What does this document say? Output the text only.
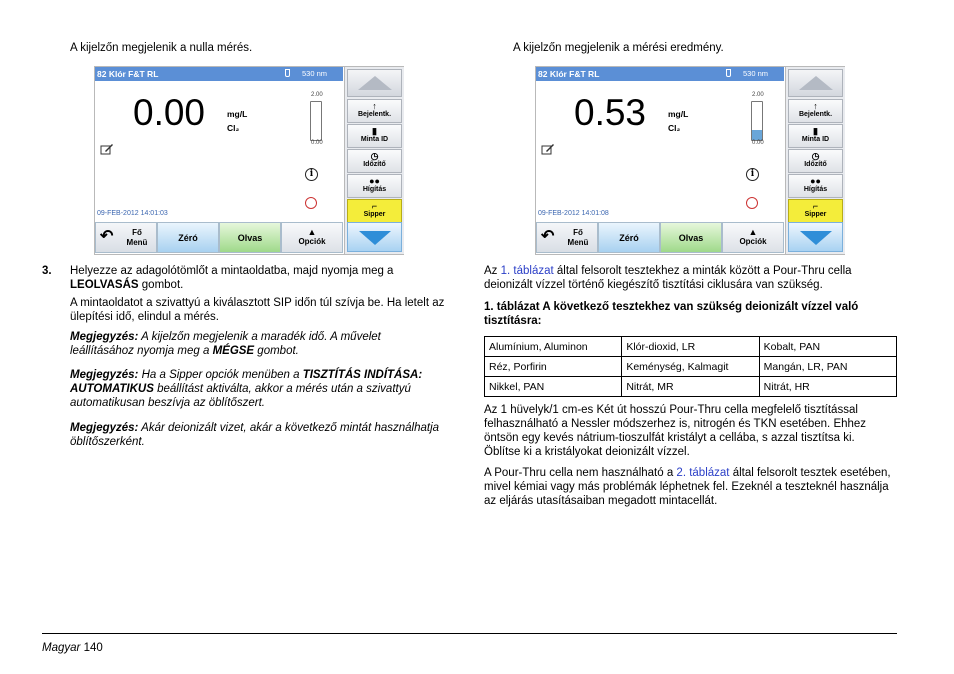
A kijelzőn megjelenik a nulla mérés.
82 Klór F&T RL	530 nm
0.00	mg/L
Cl₂
2.00
0.00
i
09-FEB-2012 14:01:03
↑
Bejelentk.
▮
Minta ID
◷
Időzítő
●●
Hígítás
⌐
Sipper
↶	Fő
Menü	Zéró	Olvas
▲
Opciók
3. Helyezze az adagolótömlőt a mintaoldatba, majd nyomja meg a LEOLVASÁS gombot.
A mintaoldatot a szivattyú a kiválasztott SIP időn túl szívja be. Ha letelt az ülepítési idő, elindul a mérés.
Megjegyzés: A kijelzőn megjelenik a maradék idő. A művelet leállításához nyomja meg a MÉGSE gombot.
Megjegyzés: Ha a Sipper opciók menüben a TISZTÍTÁS INDÍTÁSA: AUTOMATIKUS beállítást aktiválta, akkor a mérés után a szivattyú automatikusan beszívja az öblítőszert.
Megjegyzés: Akár deionizált vizet, akár a következő mintát használhatja öblítőszerként.
A kijelzőn megjelenik a mérési eredmény.
82 Klór F&T RL	530 nm
0.53	mg/L
Cl₂
2.00
0.00
i
09-FEB-2012 14:01:08
↑
Bejelentk.
▮
Minta ID
◷
Időzítő
●●
Hígítás
⌐
Sipper
↶	Fő
Menü	Zéró	Olvas
▲
Opciók
Az 1. táblázat által felsorolt tesztekhez a minták között a Pour-Thru cella deionizált vízzel történő kiegészítő tisztítási ciklusára van szükség.
1. táblázat A következő tesztekhez van szükség deionizált vízzel való tisztításra:
Alumínium, Aluminon	Klór-dioxid, LR	Kobalt, PAN
Réz, Porfirin	Keménység, Kalmagit	Mangán, LR, PAN
Nikkel, PAN	Nitrát, MR	Nitrát, HR
Az 1 hüvelyk/1 cm-es Két út hosszú Pour-Thru cella megfelelő tisztítással felhasználható a Nessler módszerhez is, nitrogén és TKN esetében. Ehhez öntsön egy kevés nátrium-tioszulfát kristályt a cellába, s azzal tisztítsa ki. Öblítse ki a kristályokat deionizált vízzel.
A Pour-Thru cella nem használható a 2. táblázat által felsorolt tesztek esetében, mivel kémiai vagy más problémák léphetnek fel. Ezeknél a teszteknél használja az eljárás utasításaiban megadott mintacellát.
Magyar 140
